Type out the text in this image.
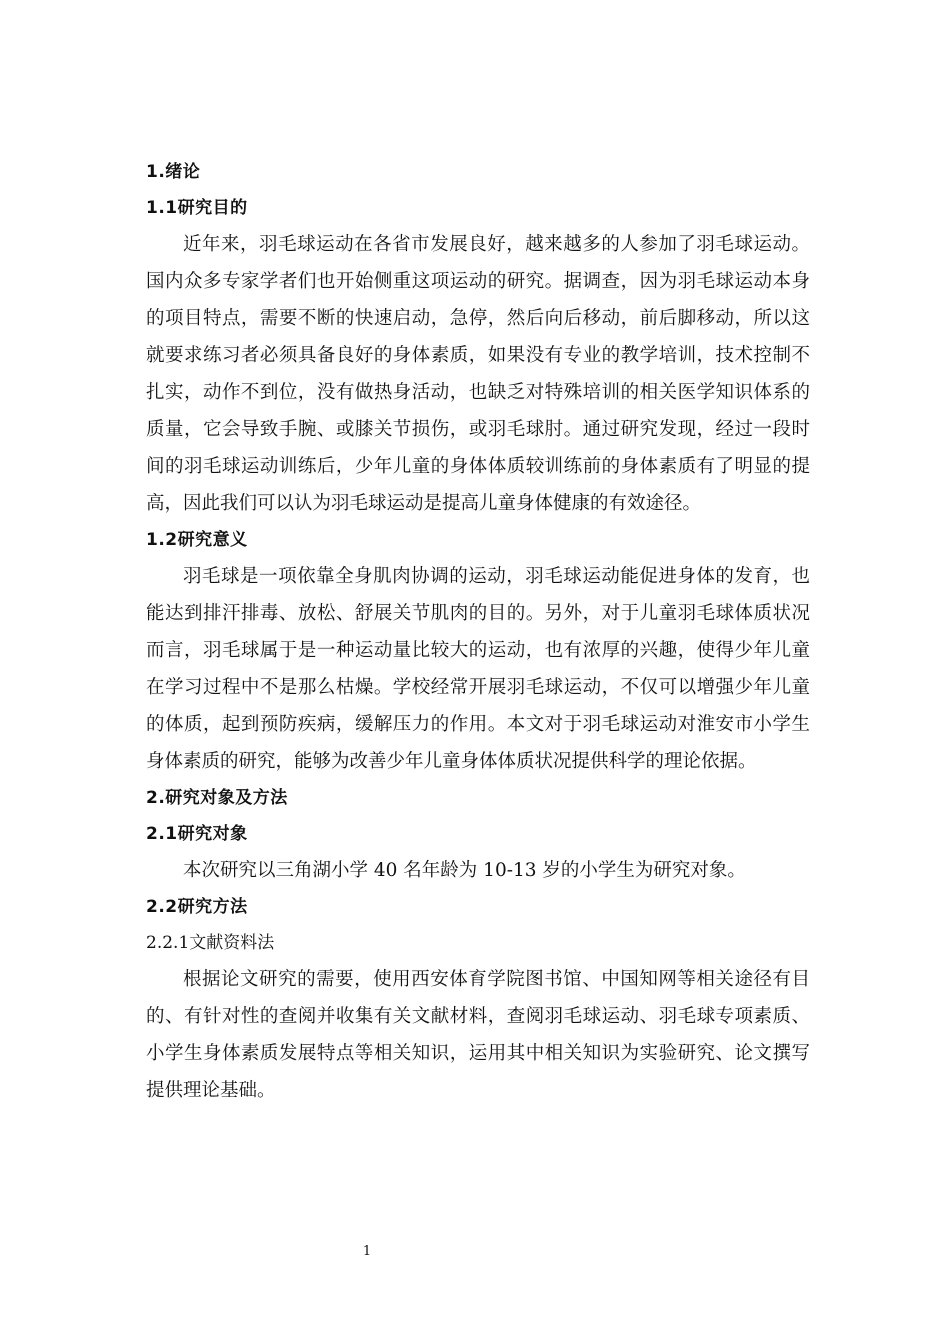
1.绪论
1.1研究目的

近年来，羽毛球运动在各省市发展良好，越来越多的人参加了羽毛球运动。国内众多专家学者们也开始侧重这项运动的研究。据调查，因为羽毛球运动本身的项目特点，需要不断的快速启动，急停，然后向后移动，前后脚移动，所以这就要求练习者必须具备良好的身体素质，如果没有专业的教学培训，技术控制不扎实，动作不到位，没有做热身活动，也缺乏对特殊培训的相关医学知识体系的质量，它会导致手腕、或膝关节损伤，或羽毛球肘。通过研究发现，经过一段时间的羽毛球运动训练后，少年儿童的身体体质较训练前的身体素质有了明显的提高，因此我们可以认为羽毛球运动是提高儿童身体健康的有效途径。

1.2研究意义

羽毛球是一项依靠全身肌肉协调的运动，羽毛球运动能促进身体的发育，也能达到排汗排毒、放松、舒展关节肌肉的目的。另外，对于儿童羽毛球体质状况而言，羽毛球属于是一种运动量比较大的运动，也有浓厚的兴趣，使得少年儿童在学习过程中不是那么枯燥。学校经常开展羽毛球运动，不仅可以增强少年儿童的体质，起到预防疾病，缓解压力的作用。本文对于羽毛球运动对淮安市小学生身体素质的研究，能够为改善少年儿童身体体质状况提供科学的理论依据。

2.研究对象及方法
2.1研究对象

本次研究以三角湖小学 40 名年龄为 10-13 岁的小学生为研究对象。

2.2研究方法
2.2.1文献资料法

根据论文研究的需要，使用西安体育学院图书馆、中国知网等相关途径有目的、有针对性的查阅并收集有关文献材料，查阅羽毛球运动、羽毛球专项素质、小学生身体素质发展特点等相关知识，运用其中相关知识为实验研究、论文撰写提供理论基础。

1
